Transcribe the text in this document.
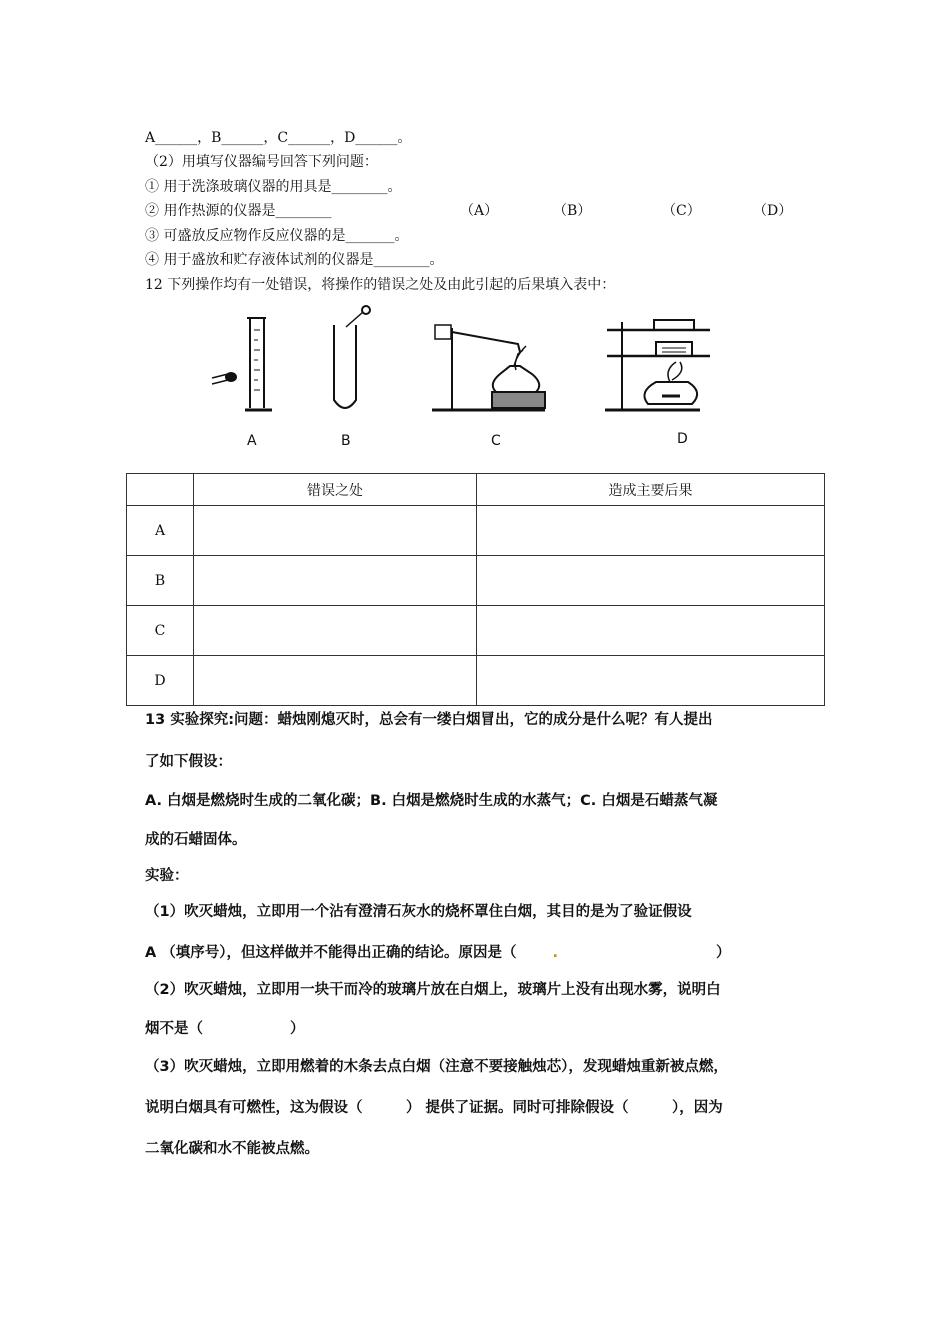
A______，B______，C______，D______。
（2）用填写仪器编号回答下列问题：
① 用于洗涤玻璃仪器的用具是________。
② 用作热源的仪器是________	（A）	（B）	（C）	（D）
③ 可盛放反应物作反应仪器的是_______。
④ 用于盛放和贮存液体试剂的仪器是________。
12 下列操作均有一处错误，将操作的错误之处及由此引起的后果填入表中：
A	B	C	D
	错误之处	造成主要后果
A		
B		
C		
D		
13 实验探究:问题：蜡烛刚熄灭时，总会有一缕白烟冒出，它的成分是什么呢？有人提出
了如下假设：
A. 白烟是燃烧时生成的二氧化碳；B. 白烟是燃烧时生成的水蒸气；C. 白烟是石蜡蒸气凝
成的石蜡固体。
实验：
（1）吹灭蜡烛，立即用一个沾有澄清石灰水的烧杯罩住白烟，其目的是为了验证假设
A （填序号），但这样做并不能得出正确的结论。原因是（ .	）
（2）吹灭蜡烛，立即用一块干而冷的玻璃片放在白烟上，玻璃片上没有出现水雾，说明白
烟不是（　　　　　　）
（3）吹灭蜡烛，立即用燃着的木条去点白烟（注意不要接触烛芯），发现蜡烛重新被点燃，
说明白烟具有可燃性，这为假设（　　　） 提供了证据。同时可排除假设（　　　），因为
二氧化碳和水不能被点燃。
